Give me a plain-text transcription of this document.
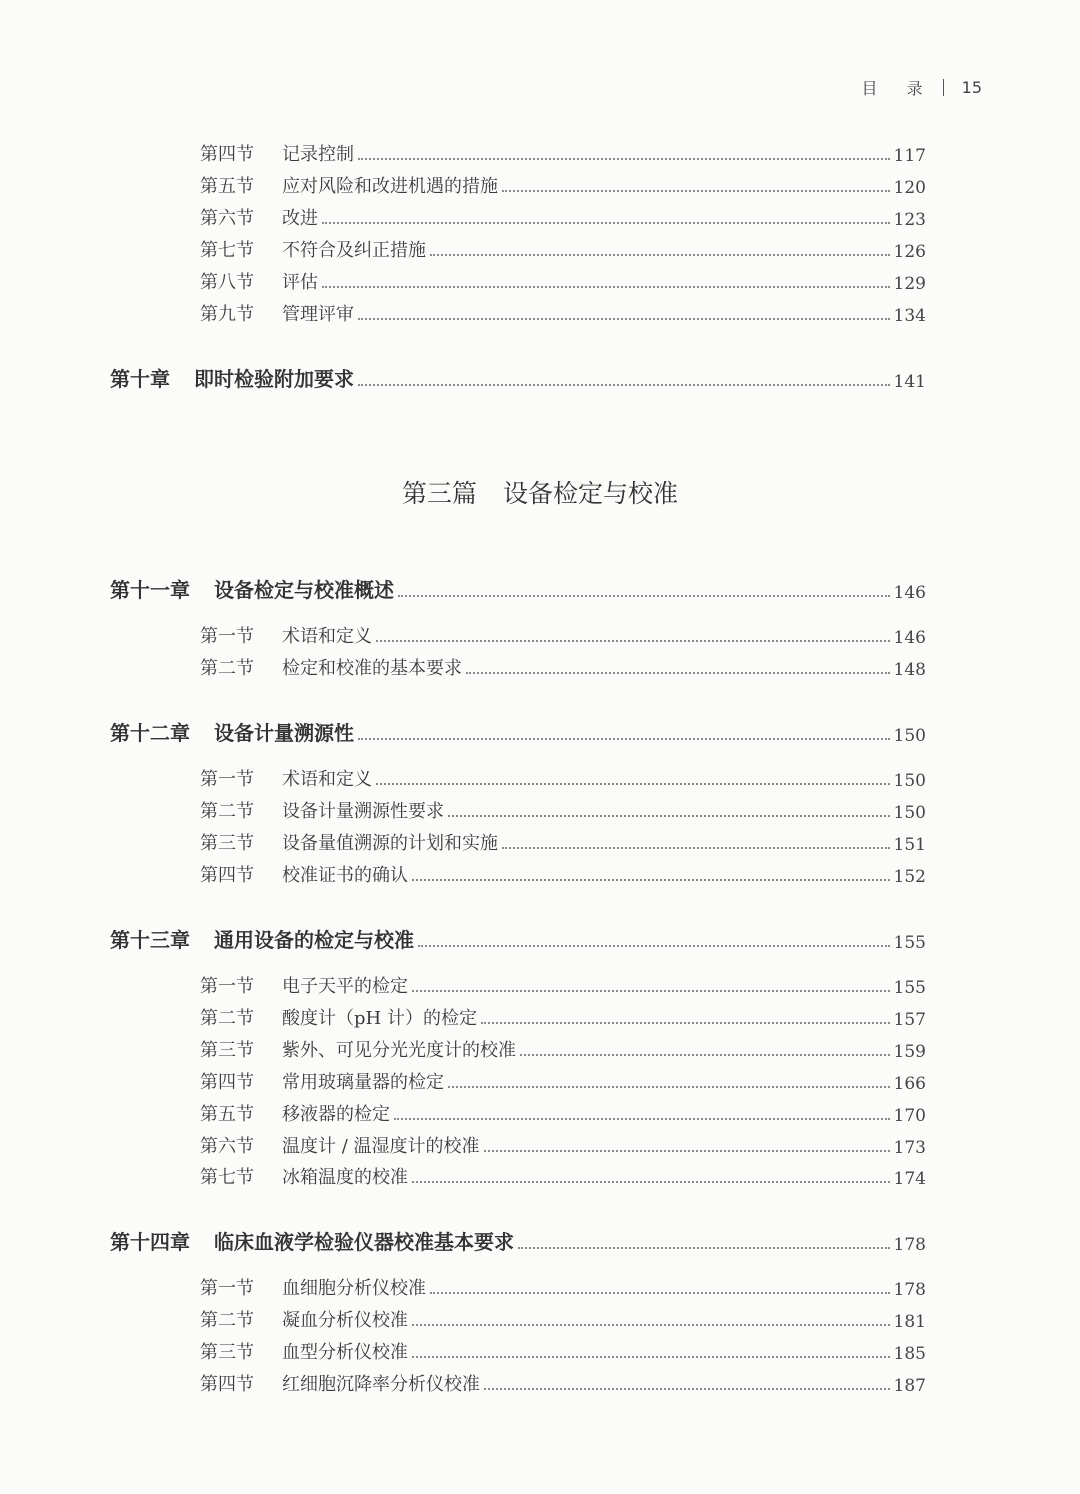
目 录 15
第四节	记录控制	117
第五节	应对风险和改进机遇的措施	120
第六节	改进	123
第七节	不符合及纠正措施	126
第八节	评估	129
第九节	管理评审	134
第十章 即时检验附加要求	141
第三篇 设备检定与校准
第十一章 设备检定与校准概述	146
第一节	术语和定义	146
第二节	检定和校准的基本要求	148
第十二章 设备计量溯源性	150
第一节	术语和定义	150
第二节	设备计量溯源性要求	150
第三节	设备量值溯源的计划和实施	151
第四节	校准证书的确认	152
第十三章 通用设备的检定与校准	155
第一节	电子天平的检定	155
第二节	酸度计（pH 计）的检定	157
第三节	紫外、可见分光光度计的校准	159
第四节	常用玻璃量器的检定	166
第五节	移液器的检定	170
第六节	温度计 / 温湿度计的校准	173
第七节	冰箱温度的校准	174
第十四章 临床血液学检验仪器校准基本要求	178
第一节	血细胞分析仪校准	178
第二节	凝血分析仪校准	181
第三节	血型分析仪校准	185
第四节	红细胞沉降率分析仪校准	187
